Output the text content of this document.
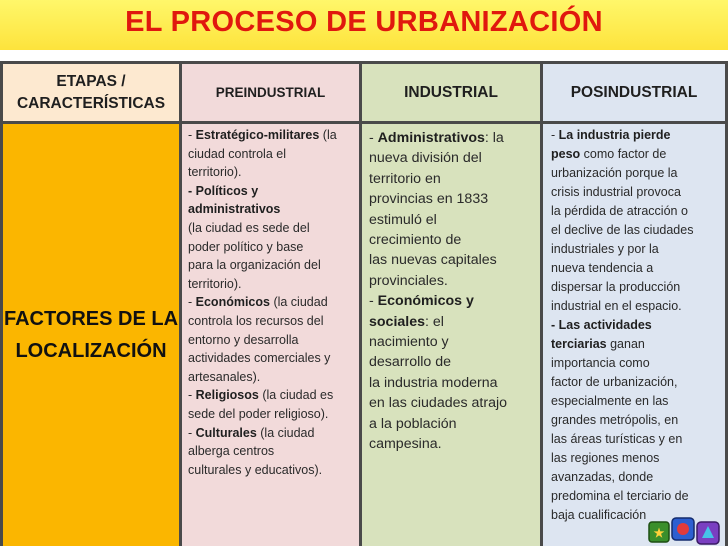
EL PROCESO DE URBANIZACIÓN
ETAPAS /
CARACTERÍSTICAS
PREINDUSTRIAL	INDUSTRIAL	POSINDUSTRIAL
FACTORES DE LA
LOCALIZACIÓN
- Estratégico-militares (la
ciudad controla el
territorio).
- Políticos y
administrativos
(la ciudad es sede del
poder político y base
para la organización del
territorio).
- Económicos (la ciudad
controla los recursos del
entorno y desarrolla
actividades comerciales y
artesanales).
- Religiosos (la ciudad es
sede del poder religioso).
- Culturales (la ciudad
alberga centros
culturales y educativos).
- Administrativos: la
nueva división del
territorio en
provincias en 1833
estimuló el
crecimiento de
las nuevas capitales
provinciales.
- Económicos y
sociales: el
nacimiento y
desarrollo de
la industria moderna
en las ciudades atrajo
a la población
campesina.
- La industria pierde
peso como factor de
urbanización porque la
crisis industrial provoca
la pérdida de atracción o
el declive de las ciudades
industriales y por la
nueva tendencia a
dispersar la producción
industrial en el espacio.
- Las actividades
terciarias ganan
importancia como
factor de urbanización,
especialmente en las
grandes metrópolis, en
las áreas turísticas y en
las regiones menos
avanzadas, donde
predomina el terciario de
baja cualificación
★
